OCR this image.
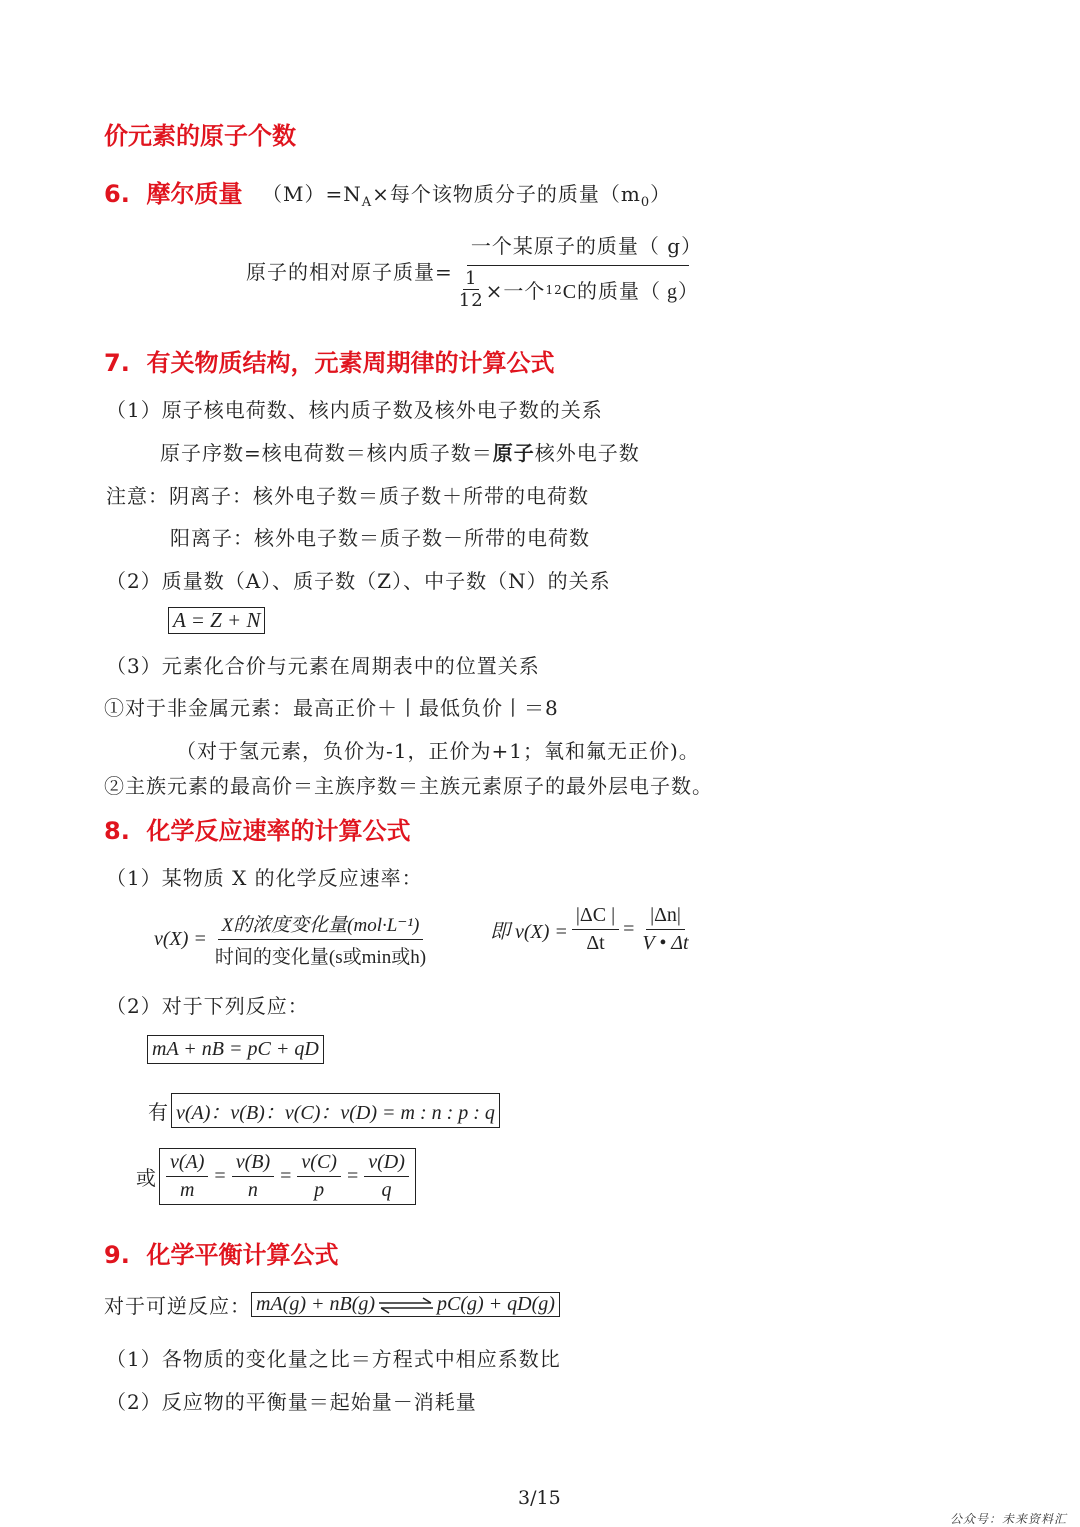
价元素的原子个数
6. 摩尔质量 $(M)=N_A\times$每个该物质分子的质量$(m_0)$
原子的相对原子质量= $\frac{\text{一个某原子的质量（ g）}}{\frac{1}{12} \times 一个 12 C的质量( g)}$
7. 有关物质结构，元素周期律的计算公式
（1）原子核电荷数、核内质子数及核外电子数的关系
原子序数=核电荷数＝核内质子数＝原子核外电子数
注意：阴离子：核外电子数＝质子数＋所带的电荷数
阳离子：核外电子数＝质子数－所带的电荷数
（2）质量数（A）、质子数（Z）、中子数（N）的关系
A = Z + N
（3）元素化合价与元素在周期表中的位置关系
①对于非金属元素：最高正价＋丨最低负价丨＝8
（对于氢元素，负价为-1，正价为+1；氧和氟无正价)。
②主族元素的最高价＝主族序数＝主族元素原子的最外层电子数。
8. 化学反应速率的计算公式
（1）某物质 X 的化学反应速率：
$v(X) = \frac{\text{X的浓度变化量(mol·L⁻¹)}}{\text{时间的变化量(s或min或h)}}$	即 $v(X) = \frac{|\Delta C |}{\Delta t} = \frac{|\Delta n|}{V • \Delta t}$
（2）对于下列反应：
mA + nB = pC + qD
有 v(A)：v(B)：v(C)：v(D) = m : n : p : q
或 $\frac{v(A)}{m} = \frac{v(B)}{n} = \frac{v(C)}{p} = \frac{v(D)}{q}$
9. 化学平衡计算公式
对于可逆反应： mA(g) + nB(g) ⇌ pC(g) + qD(g)
（1）各物质的变化量之比＝方程式中相应系数比
（2）反应物的平衡量＝起始量－消耗量
3/15
公众号：未来资料汇
